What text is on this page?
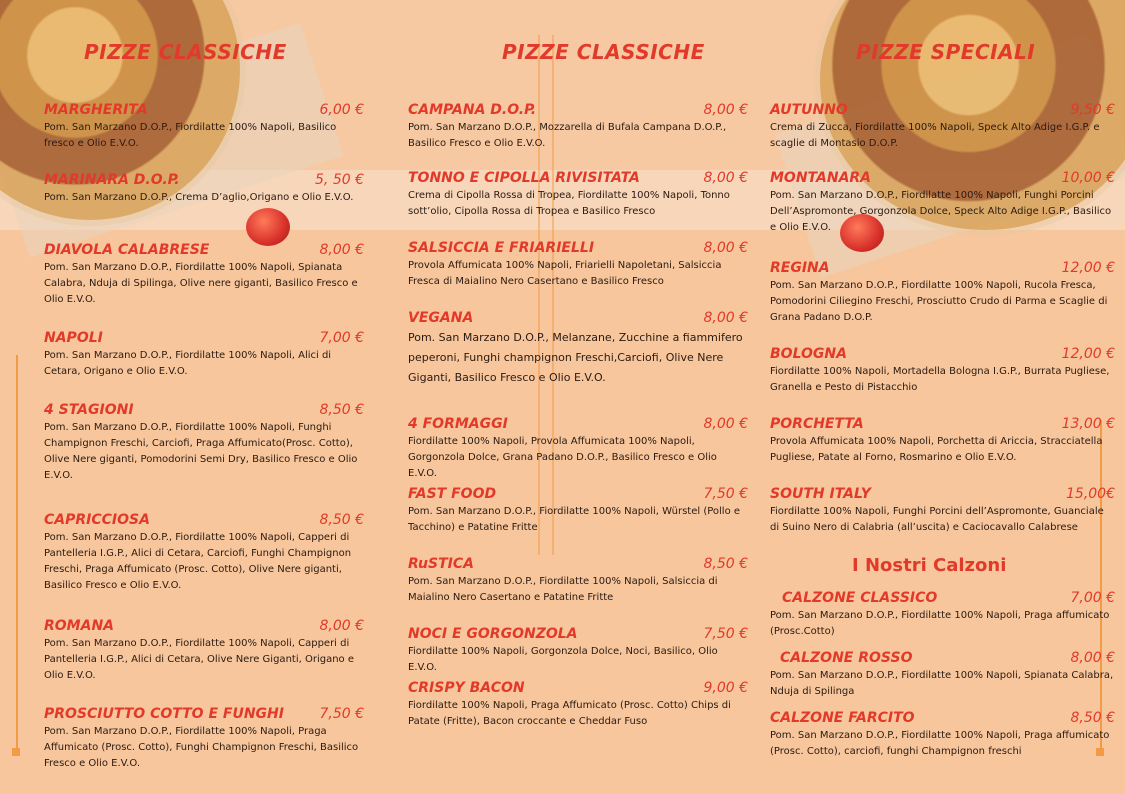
PIZZE CLASSICHE	PIZZE CLASSICHE	PIZZE SPECIALI
MARGHERITA	6,00 €
Pom. San Marzano D.O.P., Fiordilatte 100% Napoli, Basilico fresco e Olio E.V.O.
MARINARA D.O.P.	5, 50 €
Pom. San Marzano D.O.P., Crema D’aglio,Origano e Olio E.V.O.
DIAVOLA CALABRESE	8,00 €
Pom. San Marzano D.O.P., Fiordilatte 100% Napoli, Spianata Calabra, Nduja di Spilinga, Olive nere giganti, Basilico Fresco e Olio E.V.O.
NAPOLI	7,00 €
Pom. San Marzano D.O.P., Fiordilatte 100% Napoli, Alici di Cetara, Origano e Olio E.V.O.
4 STAGIONI	8,50 €
Pom. San Marzano D.O.P., Fiordilatte 100% Napoli, Funghi Champignon Freschi, Carciofi, Praga Affumicato(Prosc. Cotto), Olive Nere giganti, Pomodorini Semi Dry, Basilico Fresco e Olio E.V.O.
CAPRICCIOSA	8,50 €
Pom. San Marzano D.O.P., Fiordilatte 100% Napoli, Capperi di Pantelleria I.G.P., Alici di Cetara, Carciofi, Funghi Champignon Freschi, Praga Affumicato (Prosc. Cotto), Olive Nere giganti, Basilico Fresco e Olio E.V.O.
ROMANA	8,00 €
Pom. San Marzano D.O.P., Fiordilatte 100% Napoli, Capperi di Pantelleria I.G.P., Alici di Cetara, Olive Nere Giganti, Origano e Olio E.V.O.
PROSCIUTTO COTTO E FUNGHI	7,50 €
Pom. San Marzano D.O.P., Fiordilatte 100% Napoli, Praga Affumicato (Prosc. Cotto), Funghi Champignon Freschi, Basilico Fresco e Olio E.V.O.
CAMPANA D.O.P.	8,00 €
Pom. San Marzano D.O.P., Mozzarella di Bufala Campana D.O.P., Basilico Fresco e Olio E.V.O.
TONNO E CIPOLLA RIVISITATA	8,00 €
Crema di Cipolla Rossa di Tropea, Fiordilatte 100% Napoli, Tonno sott’olio, Cipolla Rossa di Tropea e Basilico Fresco
SALSICCIA E FRIARIELLI	8,00 €
Provola Affumicata 100% Napoli, Friarielli Napoletani, Salsiccia Fresca di Maialino Nero Casertano e Basilico Fresco
VEGANA	8,00 €
Pom. San Marzano D.O.P., Melanzane, Zucchine a fiammifero peperoni, Funghi champignon Freschi,Carciofi, Olive Nere Giganti, Basilico Fresco e Olio E.V.O.
4 FORMAGGI	8,00 €
Fiordilatte 100% Napoli, Provola Affumicata 100% Napoli, Gorgonzola Dolce, Grana Padano D.O.P., Basilico Fresco e Olio E.V.O.
FAST FOOD	7,50 €
Pom. San Marzano D.O.P., Fiordilatte 100% Napoli, Würstel (Pollo e Tacchino) e Patatine Fritte
RuSTICA	8,50 €
Pom. San Marzano D.O.P., Fiordilatte 100% Napoli, Salsiccia di Maialino Nero Casertano e Patatine Fritte
NOCI E GORGONZOLA	7,50 €
Fiordilatte 100% Napoli, Gorgonzola Dolce, Noci, Basilico, Olio E.V.O.
CRISPY BACON	9,00 €
Fiordilatte 100% Napoli, Praga Affumicato (Prosc. Cotto) Chips di Patate (Fritte), Bacon croccante e Cheddar Fuso
AUTUNNO	9,50 €
Crema di Zucca, Fiordilatte 100% Napoli, Speck Alto Adige I.G.P. e scaglie di Montasio D.O.P.
MONTANARA	10,00 €
Pom. San Marzano D.O.P., Fiordilatte 100% Napoli, Funghi Porcini Dell’Aspromonte, Gorgonzola Dolce, Speck Alto Adige I.G.P., Basilico e Olio E.V.O.
REGINA	12,00 €
Pom. San Marzano D.O.P., Fiordilatte 100% Napoli, Rucola Fresca, Pomodorini Ciliegino Freschi, Prosciutto Crudo di Parma e Scaglie di Grana Padano D.O.P.
BOLOGNA	12,00 €
Fiordilatte 100% Napoli, Mortadella Bologna I.G.P., Burrata Pugliese, Granella e Pesto di Pistacchio
PORCHETTA	13,00 €
Provola Affumicata 100% Napoli, Porchetta di Ariccia, Stracciatella Pugliese, Patate al Forno, Rosmarino e Olio E.V.O.
SOUTH ITALY	15,00€
Fiordilatte 100% Napoli, Funghi Porcini dell’Aspromonte, Guanciale di Suino Nero di Calabria (all’uscita) e Caciocavallo Calabrese
I Nostri Calzoni
CALZONE CLASSICO	7,00 €
Pom. San Marzano D.O.P., Fiordilatte 100% Napoli, Praga affumicato (Prosc.Cotto)
CALZONE ROSSO	8,00 €
Pom. San Marzano D.O.P., Fiordilatte 100% Napoli, Spianata Calabra, Nduja di Spilinga
CALZONE FARCITO	8,50 €
Pom. San Marzano D.O.P., Fiordilatte 100% Napoli, Praga affumicato (Prosc. Cotto), carciofi, funghi Champignon freschi
